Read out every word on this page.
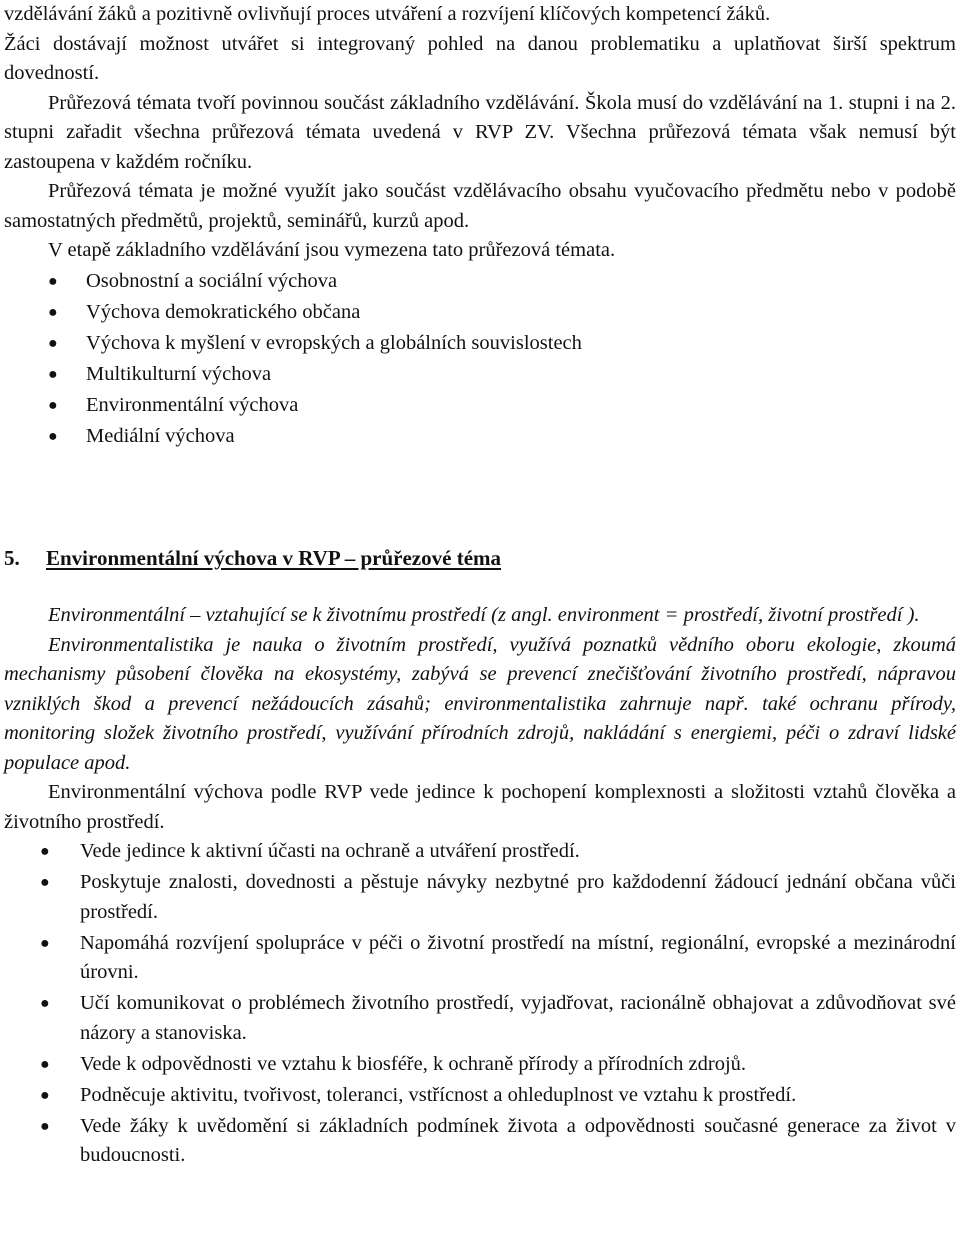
vzdělávání žáků a pozitivně ovlivňují proces utváření a rozvíjení klíčových kompetencí žáků.

Žáci dostávají možnost utvářet si integrovaný pohled na danou problematiku a uplatňovat širší spektrum dovedností.

Průřezová témata tvoří povinnou součást základního vzdělávání. Škola musí do vzdělávání na 1. stupni i na 2. stupni zařadit všechna průřezová témata uvedená v RVP ZV. Všechna průřezová témata však nemusí být zastoupena v každém ročníku.

Průřezová témata je možné využít jako součást vzdělávacího obsahu vyučovacího předmětu nebo v podobě samostatných předmětů, projektů, seminářů, kurzů apod.

V etapě základního vzdělávání jsou vymezena tato průřezová témata.

● Osobnostní a sociální výchova
● Výchova demokratického občana
● Výchova k myšlení v evropských a globálních souvislostech
● Multikulturní výchova
● Environmentální výchova
● Mediální výchova
5.	Environmentální výchova v RVP – průřezové téma

Environmentální – vztahující se k životnímu prostředí (z angl. environment = prostředí, životní prostředí ).

Environmentalistika je nauka o životním prostředí, využívá poznatků vědního oboru ekologie, zkoumá mechanismy působení člověka na ekosystémy, zabývá se prevencí znečišťování životního prostředí, nápravou vzniklých škod a prevencí nežádoucích zásahů; environmentalistika zahrnuje např. také ochranu přírody, monitoring složek životního prostředí, využívání přírodních zdrojů, nakládání s energiemi, péči o zdraví lidské populace apod.

Environmentální výchova podle RVP vede jedince k pochopení komplexnosti a složitosti vztahů člověka a životního prostředí.

● Vede jedince k aktivní účasti na ochraně a utváření prostředí.
● Poskytuje znalosti, dovednosti a pěstuje návyky nezbytné pro každodenní žádoucí jednání občana vůči prostředí.
● Napomáhá rozvíjení spolupráce v péči o životní prostředí na místní, regionální, evropské a mezinárodní úrovni.
● Učí komunikovat o problémech životního prostředí, vyjadřovat, racionálně obhajovat a zdůvodňovat své názory a stanoviska.
● Vede k odpovědnosti ve vztahu k biosféře, k ochraně přírody a přírodních zdrojů.
● Podněcuje aktivitu, tvořivost, toleranci, vstřícnost a ohleduplnost ve vztahu k prostředí.
● Vede žáky k uvědomění si základních podmínek života a odpovědnosti současné generace za život v budoucnosti.
